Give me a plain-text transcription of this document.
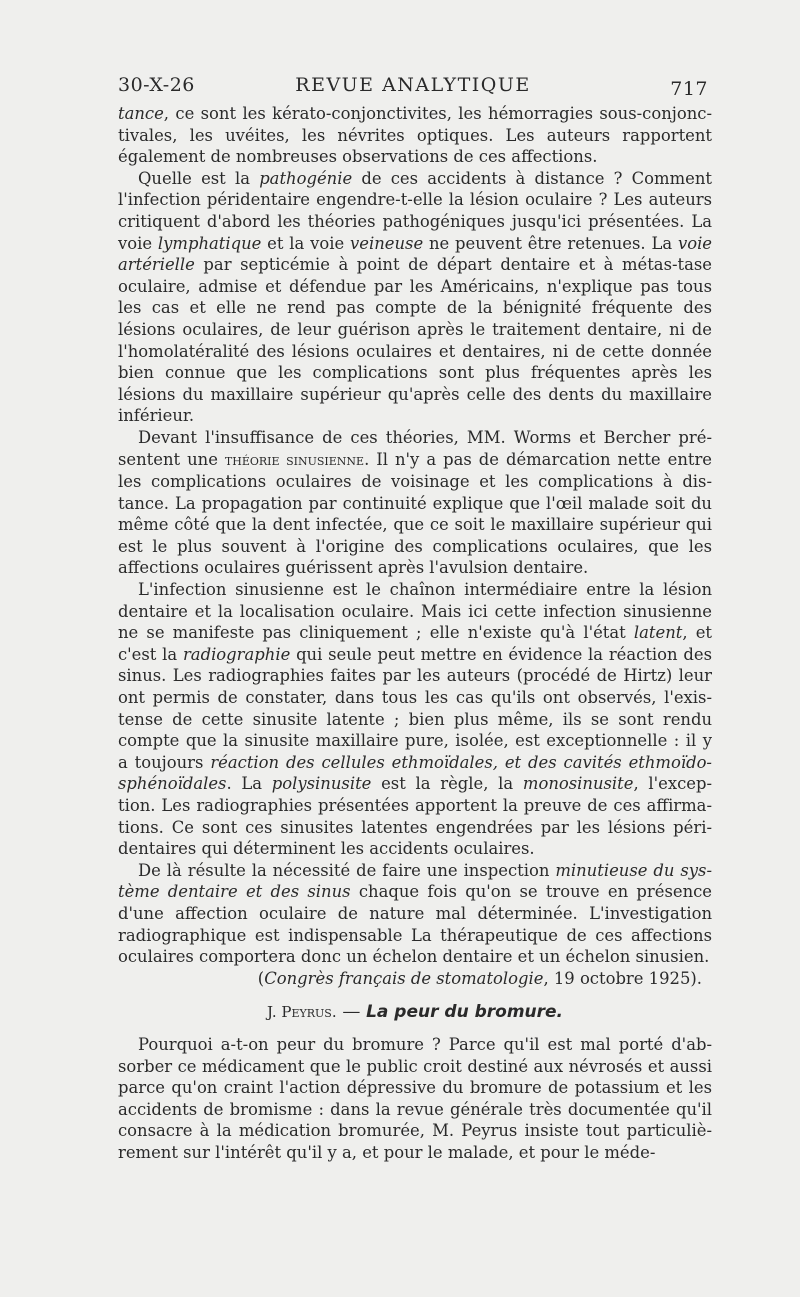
30-X-26	REVUE ANALYTIQUE	717

tance, ce sont les kérato-conjonctivites, les hémorragies sous-conjonc-tivales, les uvéites, les névrites optiques. Les auteurs rapportent également de nombreuses observations de ces affections.

Quelle est la pathogénie de ces accidents à distance ? Comment l'infection péridentaire engendre-t-elle la lésion oculaire ? Les auteurs critiquent d'abord les théories pathogéniques jusqu'ici présentées. La voie lymphatique et la voie veineuse ne peuvent être retenues. La voie artérielle par septicémie à point de départ dentaire et à métas-tase oculaire, admise et défendue par les Américains, n'explique pas tous les cas et elle ne rend pas compte de la bénignité fréquente des lésions oculaires, de leur guérison après le traitement dentaire, ni de l'homolatéralité des lésions oculaires et dentaires, ni de cette donnée bien connue que les complications sont plus fréquentes après les lésions du maxillaire supérieur qu'après celle des dents du maxillaire inférieur.

Devant l'insuffisance de ces théories, MM. Worms et Bercher pré-sentent une théorie sinusienne. Il n'y a pas de démarcation nette entre les complications oculaires de voisinage et les complications à dis-tance. La propagation par continuité explique que l'œil malade soit du même côté que la dent infectée, que ce soit le maxillaire supérieur qui est le plus souvent à l'origine des complications oculaires, que les affections oculaires guérissent après l'avulsion dentaire.

L'infection sinusienne est le chaînon intermédiaire entre la lésion dentaire et la localisation oculaire. Mais ici cette infection sinusienne ne se manifeste pas cliniquement ; elle n'existe qu'à l'état latent, et c'est la radiographie qui seule peut mettre en évidence la réaction des sinus. Les radiographies faites par les auteurs (procédé de Hirtz) leur ont permis de constater, dans tous les cas qu'ils ont observés, l'exis-tense de cette sinusite latente ; bien plus même, ils se sont rendu compte que la sinusite maxillaire pure, isolée, est exceptionnelle : il y a toujours réaction des cellules ethmoïdales, et des cavités ethmoïdo-sphénoïdales. La polysinusite est la règle, la monosinusite, l'excep-tion. Les radiographies présentées apportent la preuve de ces affirma-tions. Ce sont ces sinusites latentes engendrées par les lésions péri-dentaires qui déterminent les accidents oculaires.

De là résulte la nécessité de faire une inspection minutieuse du sys-tème dentaire et des sinus chaque fois qu'on se trouve en présence d'une affection oculaire de nature mal déterminée. L'investigation radiographique est indispensable La thérapeutique de ces affections oculaires comportera donc un échelon dentaire et un échelon sinusien.

(Congrès français de stomatologie, 19 octobre 1925).

J. Peyrus. — La peur du bromure.

Pourquoi a-t-on peur du bromure ? Parce qu'il est mal porté d'ab-sorber ce médicament que le public croit destiné aux névrosés et aussi parce qu'on craint l'action dépressive du bromure de potassium et les accidents de bromisme : dans la revue générale très documentée qu'il consacre à la médication bromurée, M. Peyrus insiste tout particuliè-rement sur l'intérêt qu'il y a, et pour le malade, et pour le méde-
